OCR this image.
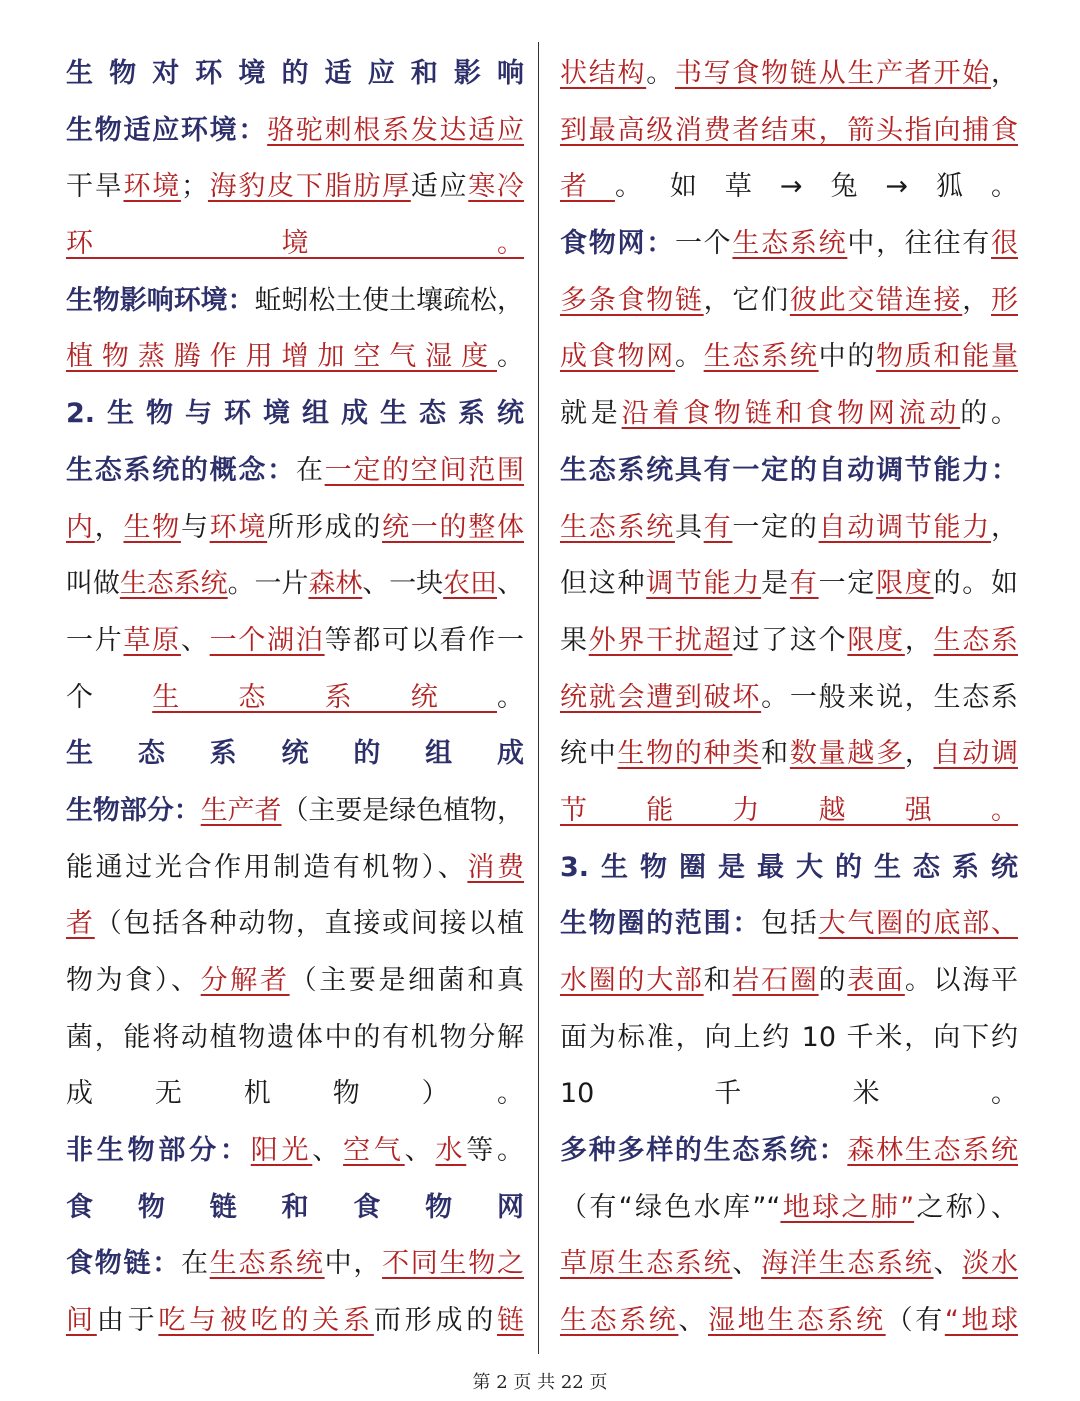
生物对环境的适应和影响
生物适应环境：骆驼刺根系发达适应
干旱环境；海豹皮下脂肪厚适应寒冷
环境。
生物影响环境：蚯蚓松土使土壤疏松，
植物蒸腾作用增加空气湿度。
2.生物与环境组成生态系统
生态系统的概念：在一定的空间范围
内，生物与环境所形成的统一的整体
叫做生态系统。一片森林、一块农田、
一片草原、一个湖泊等都可以看作一
个生态系统。
生态系统的组成
生物部分：生产者（主要是绿色植物，
能通过光合作用制造有机物）、消费
者（包括各种动物，直接或间接以植
物为食）、分解者（主要是细菌和真
菌，能将动植物遗体中的有机物分解
成无机物）。
非生物部分：阳光、空气、水等。
食物链和食物网
食物链：在生态系统中，不同生物之
间由于吃与被吃的关系而形成的链
状结构。书写食物链从生产者开始，
到最高级消费者结束，箭头指向捕食
者。如草→兔→狐。
食物网：一个生态系统中，往往有很
多条食物链，它们彼此交错连接，形
成食物网。生态系统中的物质和能量
就是沿着食物链和食物网流动的。
生态系统具有一定的自动调节能力：
生态系统具有一定的自动调节能力，
但这种调节能力是有一定限度的。如
果外界干扰超过了这个限度，生态系
统就会遭到破坏。一般来说，生态系
统中生物的种类和数量越多，自动调
节能力越强。
3.生物圈是最大的生态系统
生物圈的范围：包括大气圈的底部、
水圈的大部和岩石圈的表面。以海平
面为标准，向上约 10 千米，向下约
10 千米。
多种多样的生态系统：森林生态系统
（有“绿色水库”“地球之肺”之称）、
草原生态系统、海洋生态系统、淡水
生态系统、湿地生态系统（有“地球
第 2 页 共 22 页
